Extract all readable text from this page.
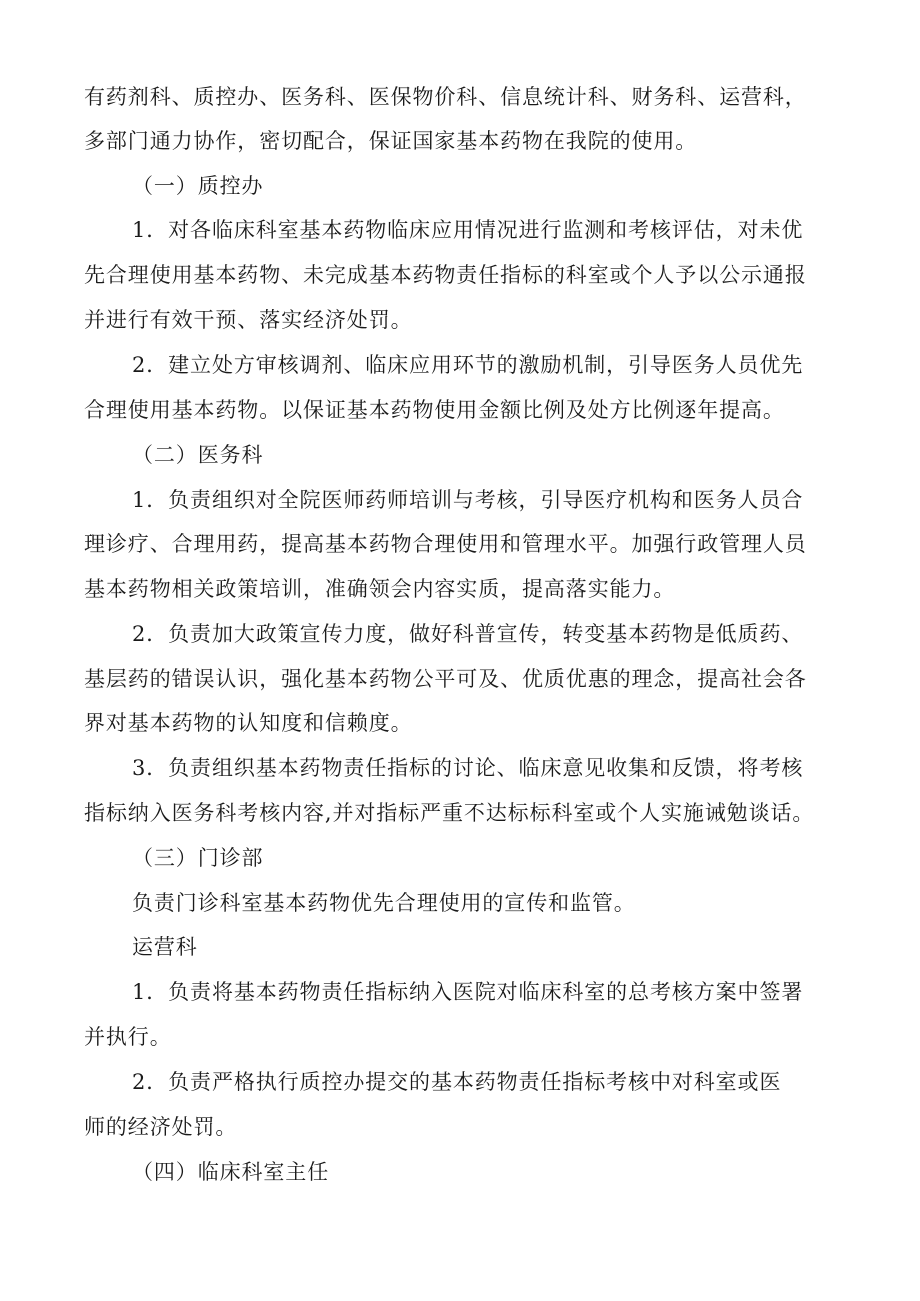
有药剂科、质控办、医务科、医保物价科、信息统计科、财务科、运营科，

多部门通力协作，密切配合，保证国家基本药物在我院的使用。

（一）质控办

1．对各临床科室基本药物临床应用情况进行监测和考核评估，对未优

先合理使用基本药物、未完成基本药物责任指标的科室或个人予以公示通报

并进行有效干预、落实经济处罚。

2．建立处方审核调剂、临床应用环节的激励机制，引导医务人员优先

合理使用基本药物。以保证基本药物使用金额比例及处方比例逐年提高。

（二）医务科

1．负责组织对全院医师药师培训与考核，引导医疗机构和医务人员合

理诊疗、合理用药，提高基本药物合理使用和管理水平。加强行政管理人员

基本药物相关政策培训，准确领会内容实质，提高落实能力。

2．负责加大政策宣传力度，做好科普宣传，转变基本药物是低质药、

基层药的错误认识，强化基本药物公平可及、优质优惠的理念，提高社会各

界对基本药物的认知度和信赖度。

3．负责组织基本药物责任指标的讨论、临床意见收集和反馈，将考核

指标纳入医务科考核内容,并对指标严重不达标标科室或个人实施诫勉谈话。

（三）门诊部

负责门诊科室基本药物优先合理使用的宣传和监管。

运营科

1．负责将基本药物责任指标纳入医院对临床科室的总考核方案中签署

并执行。

2．负责严格执行质控办提交的基本药物责任指标考核中对科室或医

师的经济处罚。

（四）临床科室主任
